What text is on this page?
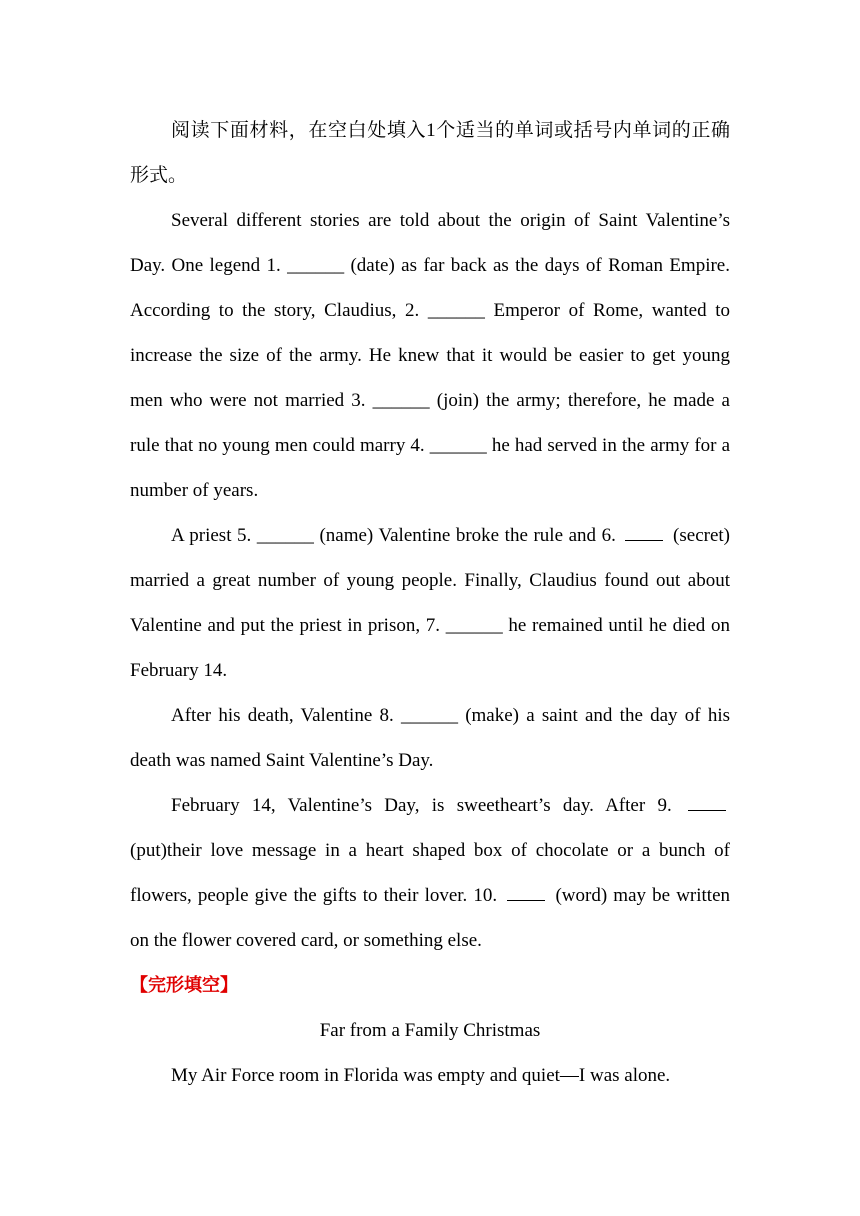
阅读下面材料，在空白处填入1个适当的单词或括号内单词的正确形式。

Several different stories are told about the origin of Saint Valentine’s Day. One legend 1. ______ (date) as far back as the days of Roman Empire. According to the story, Claudius, 2. ______ Emperor of Rome, wanted to increase the size of the army. He knew that it would be easier to get young men who were not married 3. ______ (join) the army; therefore, he made a rule that no young men could marry 4. ______ he had served in the army for a number of years.

A priest 5. ______ (name) Valentine broke the rule and 6.	(secret) married a great number of young people. Finally, Claudius found out about Valentine and put the priest in prison, 7. ______ he remained until he died on February 14.

After his death, Valentine 8. ______ (make) a saint and the day of his death was named Saint Valentine’s Day.

February 14, Valentine’s Day, is sweetheart’s day. After 9.  (put)their love message in a heart shaped box of chocolate or a bunch of flowers, people give the gifts to their lover. 10.	(word) may be written on the flower covered card, or something else.

【完形填空】

Far from a Family Christmas

My Air Force room in Florida was empty and quiet—I was alone.
